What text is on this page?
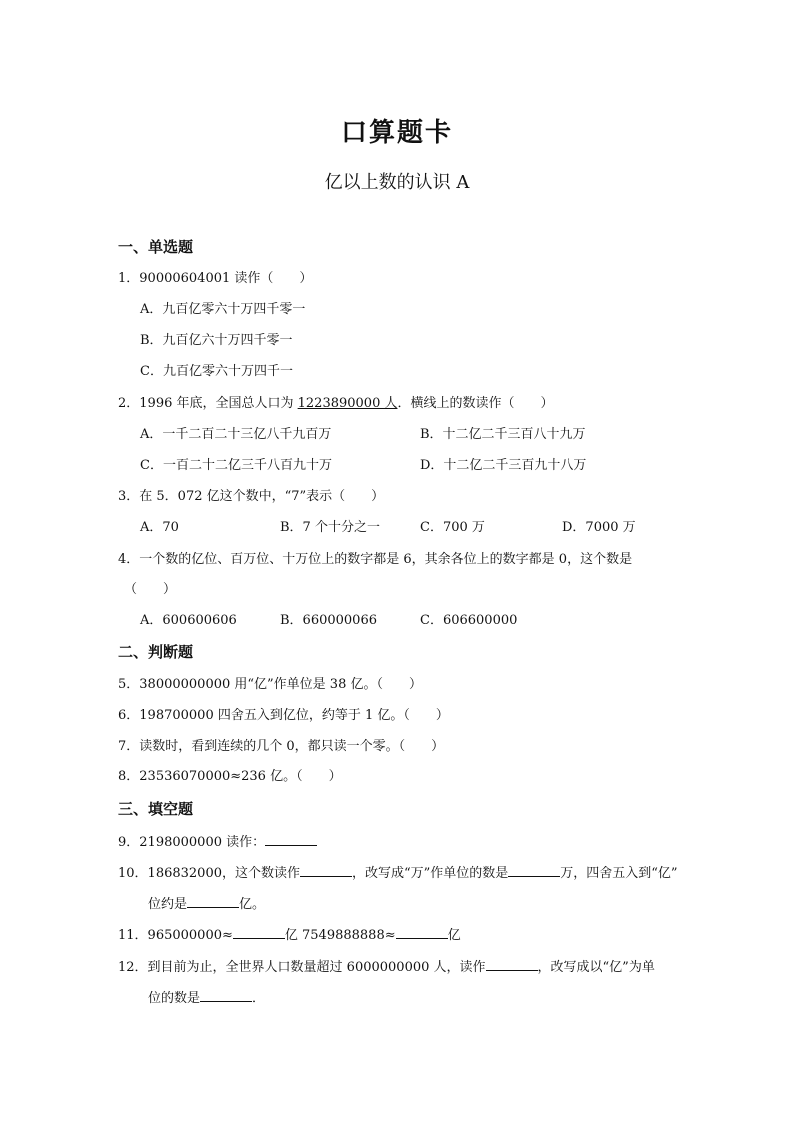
口算题卡
亿以上数的认识 A
一、单选题
1．90000604001 读作（　　）
A．九百亿零六十万四千零一
B．九百亿六十万四千零一
C．九百亿零六十万四千一
2．1996 年底，全国总人口为 1223890000 人．横线上的数读作（　　）
A．一千二百二十三亿八千九百万	B．十二亿二千三百八十九万
C．一百二十二亿三千八百九十万	D．十二亿二千三百九十八万
3．在 5．072 亿这个数中，“7”表示（　　）
A．70	B．7 个十分之一	C．700 万	D．7000 万
4．一个数的亿位、百万位、十万位上的数字都是 6，其余各位上的数字都是 0，这个数是
（　　）
A．600600606	B．660000066	C．606600000
二、判断题
5．38000000000 用“亿”作单位是 38 亿。（　　）
6．198700000 四舍五入到亿位，约等于 1 亿。（　　）
7．读数时，看到连续的几个 0，都只读一个零。（　　）
8．23536070000≈236 亿。（　　）
三、填空题
9．2198000000 读作：
10．186832000，这个数读作	，改写成“万”作单位的数是	万，四舍五入到“亿”
位约是	亿。
11．965000000≈	亿 7549888888≈	亿
12．到目前为止，全世界人口数量超过 6000000000 人，读作	，改写成以“亿”为单
位的数是	．
